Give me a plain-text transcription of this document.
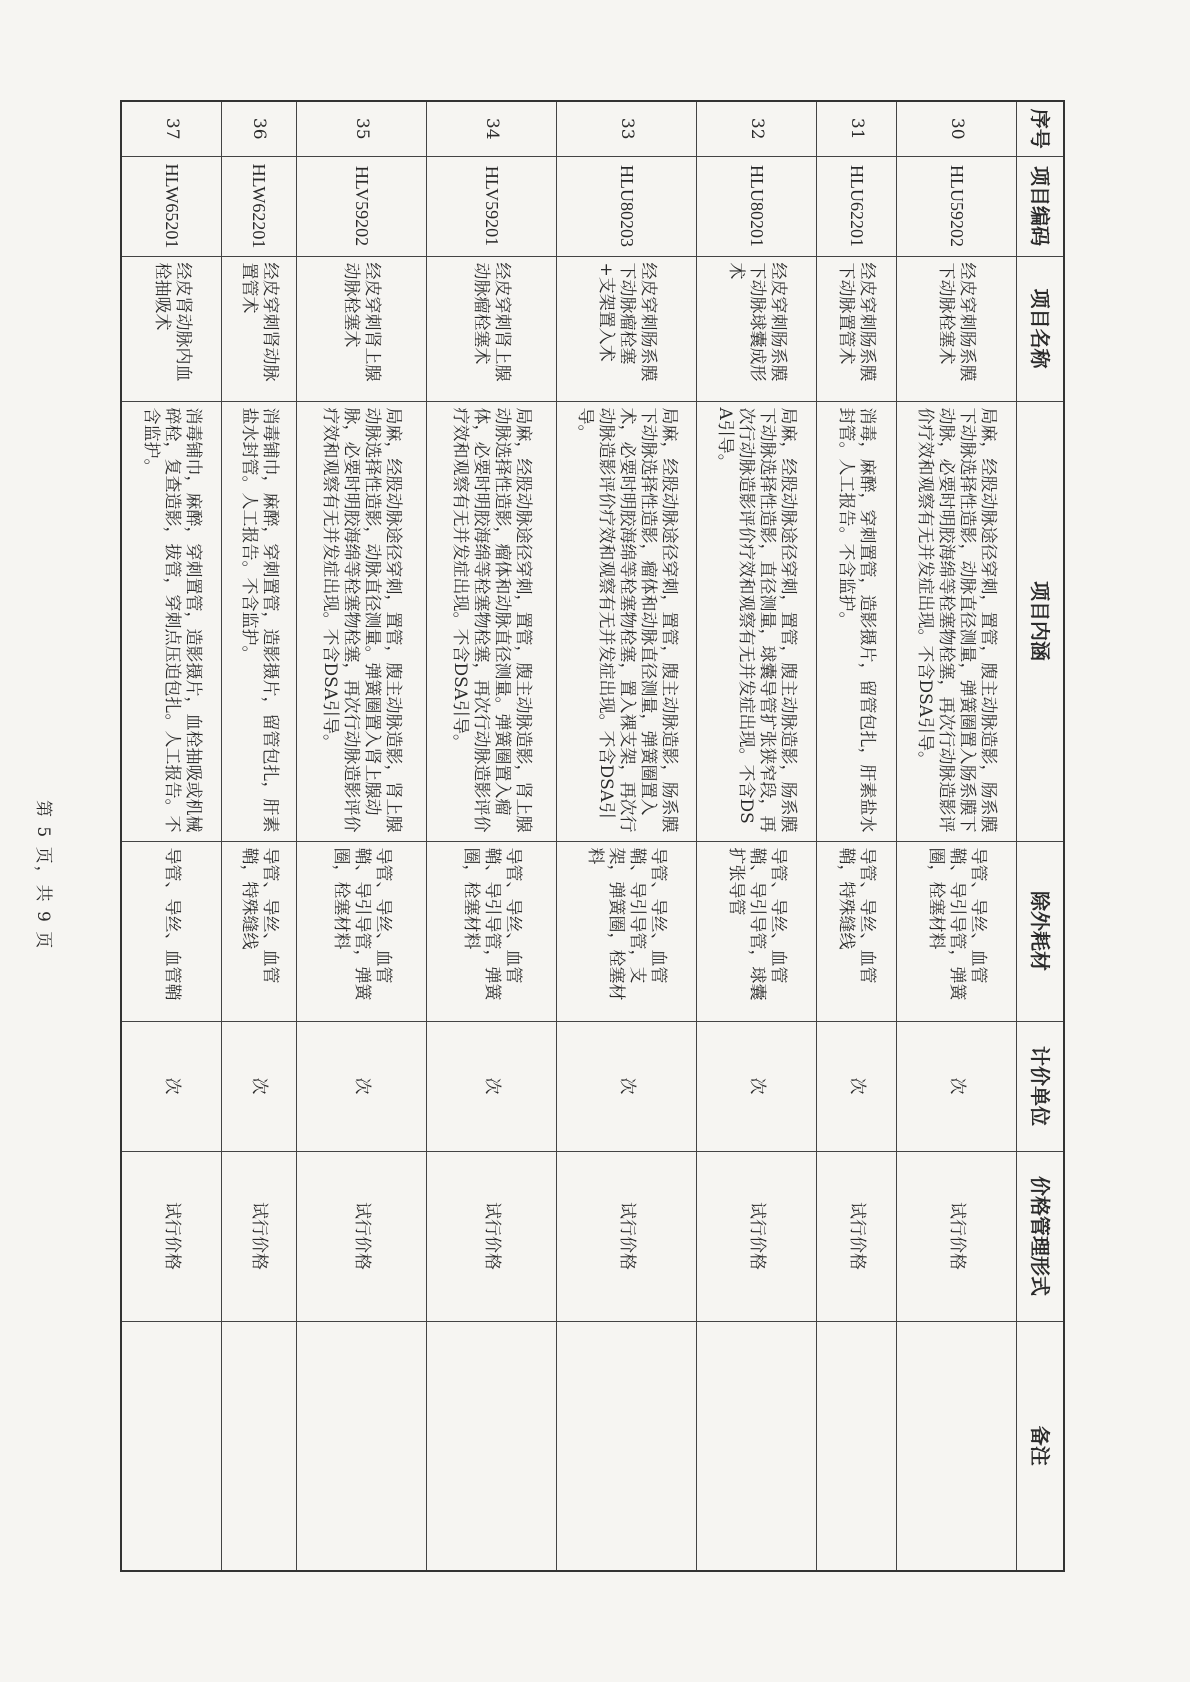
序号	项目编码	项目名称	项目内涵	除外耗材	计价单位	价格管理形式	备注
30	HLU59202	经皮穿刺肠系膜下动脉栓塞术	局麻，经股动脉途径穿刺，置管，腹主动脉造影，肠系膜下动脉选择性造影，动脉直径测量，弹簧圈置入肠系膜下动脉，必要时明胶海绵等栓塞物栓塞，再次行动脉造影评价疗效和观察有无并发症出现。不含DSA引导。	导管、导丝、血管鞘、导引导管，弹簧圈，栓塞材料	次	试行价格	
31	HLU62201	经皮穿刺肠系膜下动脉置管术	消毒，麻醉，穿刺置管，造影摄片，留管包扎，肝素盐水封管。人工报告。不含监护。	导管、导丝、血管鞘，特殊缝线	次	试行价格	
32	HLU80201	经皮穿刺肠系膜下动脉球囊成形术	局麻，经股动脉途径穿刺，置管，腹主动脉造影，肠系膜下动脉选择性造影，直径测量，球囊导管扩张狭窄段，再次行动脉造影评价疗效和观察有无并发症出现。不含DSA引导。	导管、导丝、血管鞘、导引导管，球囊扩张导管	次	试行价格	
33	HLU80203	经皮穿刺肠系膜下动脉瘤栓塞+支架置入术	局麻，经股动脉途径穿刺，置管，腹主动脉造影，肠系膜下动脉选择性造影，瘤体和动脉直径测量，弹簧圈置入术，必要时明胶海绵等栓塞物栓塞，置入裸支架，再次行动脉造影评价疗效和观察有无并发症出现。不含DSA引导。	导管、导丝、血管鞘、导引导管，支架，弹簧圈，栓塞材料	次	试行价格	
34	HLV59201	经皮穿刺肾上腺动脉瘤栓塞术	局麻，经股动脉途径穿刺，置管，腹主动脉造影，肾上腺动脉选择性造影，瘤体和动脉直径测量。弹簧圈置入瘤体，必要时明胶海绵等栓塞物栓塞，再次行动脉造影评价疗效和观察有无并发症出现。不含DSA引导。	导管、导丝、血管鞘、导引导管，弹簧圈，栓塞材料	次	试行价格	
35	HLV59202	经皮穿刺肾上腺动脉栓塞术	局麻，经股动脉途径穿刺，置管，腹主动脉造影，肾上腺动脉选择性造影，动脉直径测量。弹簧圈置入肾上腺动脉，必要时明胶海绵等栓塞物栓塞，再次行动脉造影评价疗效和观察有无并发症出现。不含DSA引导。	导管、导丝、血管鞘、导引导管，弹簧圈，栓塞材料	次	试行价格	
36	HLW62201	经皮穿刺肾动脉置管术	消毒铺巾，麻醉，穿刺置管，造影摄片，留管包扎，肝素盐水封管。人工报告。不含监护。	导管、导丝、血管鞘，特殊缝线	次	试行价格	
37	HLW65201	经皮肾动脉内血栓抽吸术	消毒铺巾，麻醉，穿刺置管，造影摄片，血栓抽吸或机械碎栓，复查造影，拔管，穿刺点压迫包扎。人工报告。不含监护。	导管、导丝、血管鞘	次	试行价格	
第 5 页，共 9 页
